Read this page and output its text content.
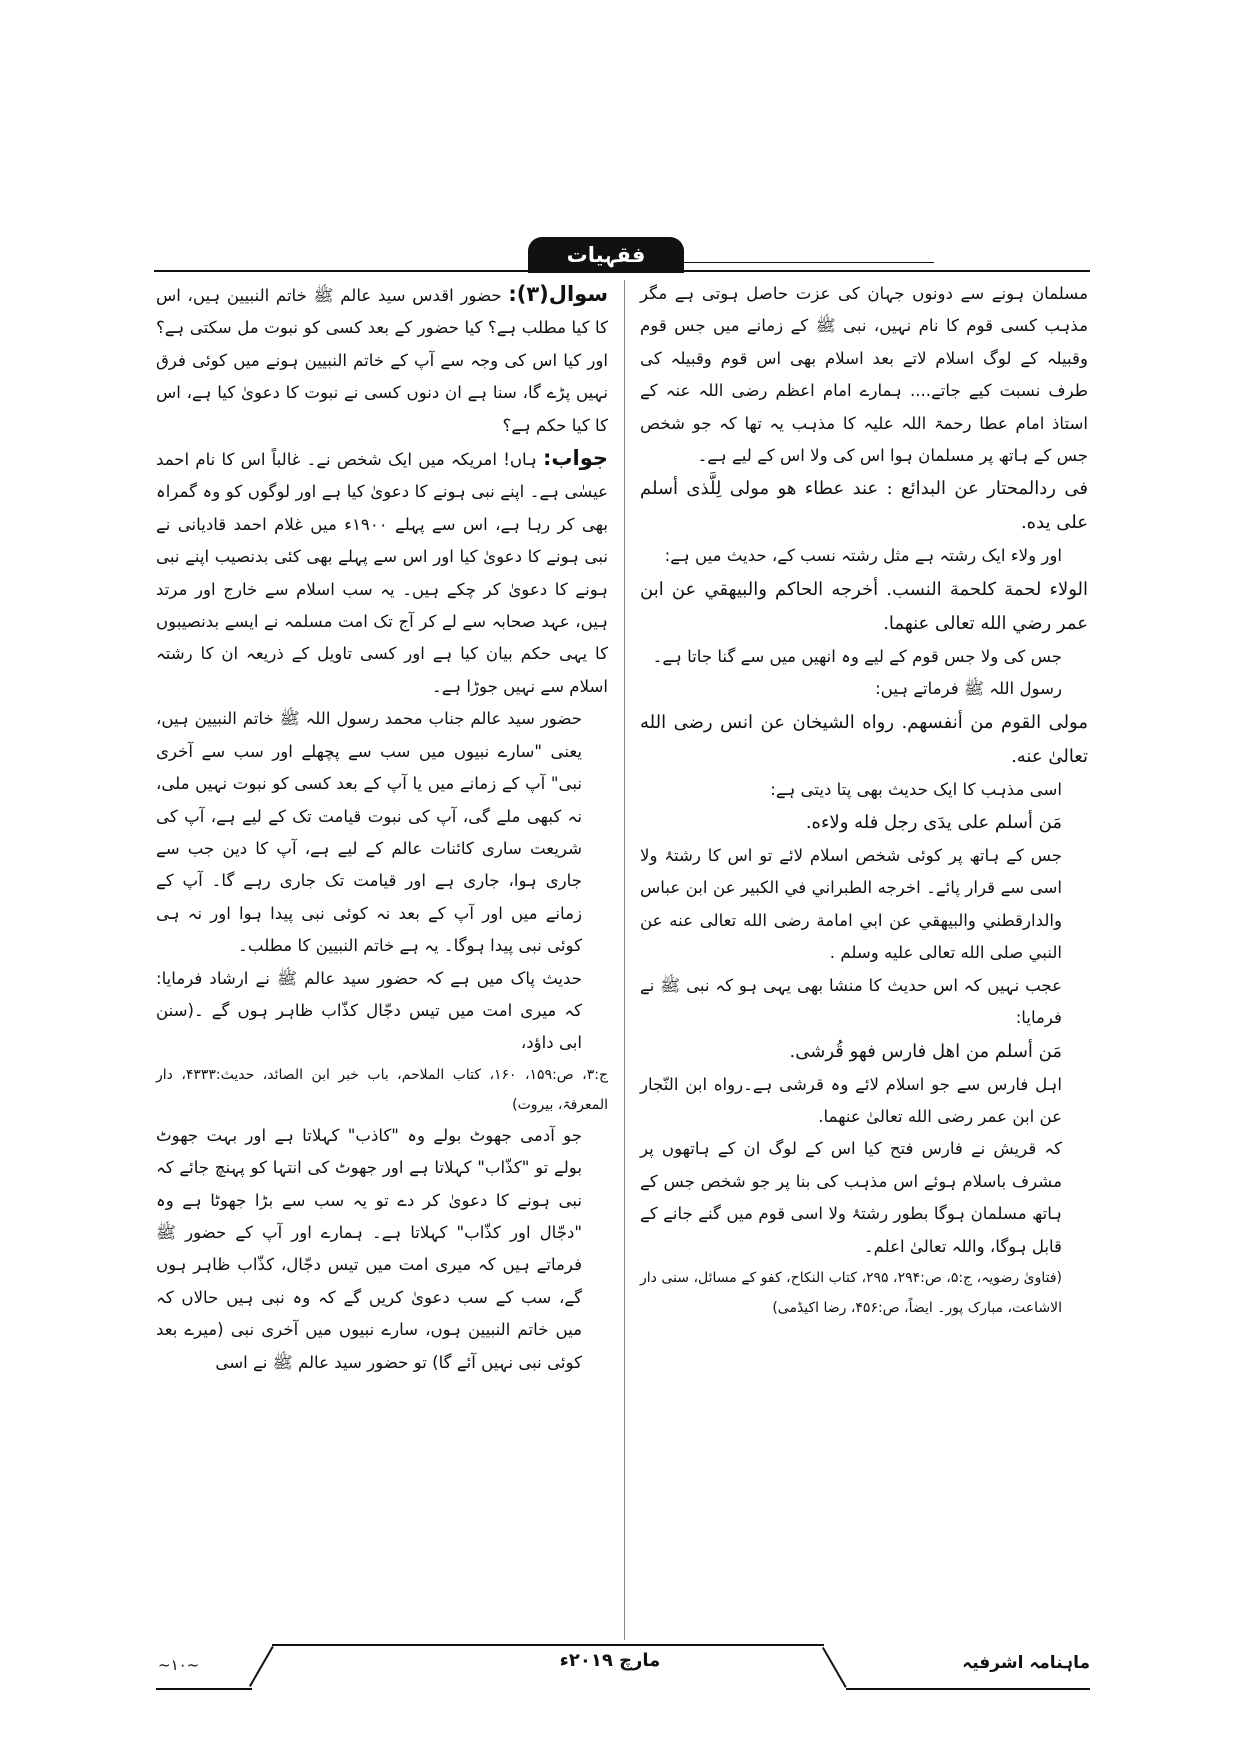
فقہیات

مسلمان ہونے سے دونوں جہان کی عزت حاصل ہوتی ہے مگر مذہب کسی قوم کا نام نہیں، نبی ﷺ کے زمانے میں جس قوم وقبیلہ کے لوگ اسلام لاتے بعد اسلام بھی اس قوم وقبیلہ کی طرف نسبت کیے جاتے.... ہمارے امام اعظم رضی اللہ عنہ کے استاذ امام عطا رحمۃ اللہ علیہ کا مذہب یہ تھا کہ جو شخص جس کے ہاتھ پر مسلمان ہوا اس کی ولا اس کے لیے ہے۔

فی ردالمحتار عن البدائع : عند عطاء هو مولى لِلَّذى أسلم على يده.

اور ولاء ایک رشتہ ہے مثل رشتہ نسب کے، حدیث میں ہے:

الولاء لحمة كلحمة النسب. أخرجه الحاكم والبيهقي عن ابن عمر رضي الله تعالى عنهما.

جس کی ولا جس قوم کے لیے وہ انھیں میں سے گنا جاتا ہے۔

رسول اللہ ﷺ فرماتے ہیں:

مولى القوم من أنفسهم. رواه الشيخان عن انس رضى الله تعالىٰ عنه.

اسی مذہب کا ایک حدیث بھی پتا دیتی ہے:

مَن أسلم على يدَى رجل فله ولاءه.

جس کے ہاتھ پر کوئی شخص اسلام لائے تو اس کا رشتۂ ولا اسی سے قرار پائے۔ اخرجه الطبراني في الكبير عن ابن عباس والدارقطني والبيهقي عن ابي امامة رضى الله تعالى عنه عن النبي صلى الله تعالى عليه وسلم .

عجب نہیں کہ اس حدیث کا منشا بھی یہی ہو کہ نبی ﷺ نے فرمایا:

مَن أسلم من اهل فارس فهو قُرشى.

اہل فارس سے جو اسلام لائے وہ قرشی ہے۔رواه ابن النّجار عن ابن عمر رضى الله تعالىٰ عنهما.

کہ قریش نے فارس فتح کیا اس کے لوگ ان کے ہاتھوں پر مشرف باسلام ہوئے اس مذہب کی بنا پر جو شخص جس کے ہاتھ مسلمان ہوگا بطور رشتۂ ولا اسی قوم میں گنے جانے کے قابل ہوگا، واللہ تعالیٰ اعلم۔

(فتاویٰ رضویہ، ج:۵، ص:۲۹۴، ۲۹۵، کتاب النکاح، کفو کے مسائل، سنی دار الاشاعت، مبارک پور۔ ایضاً، ص:۴۵۶، رضا اکیڈمی)

سوال(۳): حضور اقدس سید عالم ﷺ خاتم النبیین ہیں، اس کا کیا مطلب ہے؟ کیا حضور کے بعد کسی کو نبوت مل سکتی ہے؟ اور کیا اس کی وجہ سے آپ کے خاتم النبیین ہونے میں کوئی فرق نہیں پڑے گا، سنا ہے ان دنوں کسی نے نبوت کا دعویٰ کیا ہے، اس کا کیا حکم ہے؟

جواب: ہاں! امریکہ میں ایک شخص نے۔ غالباً اس کا نام احمد عیسٰی ہے۔ اپنے نبی ہونے کا دعویٰ کیا ہے اور لوگوں کو وہ گمراہ بھی کر رہا ہے، اس سے پہلے ۱۹۰۰ء میں غلام احمد قادیانی نے نبی ہونے کا دعویٰ کیا اور اس سے پہلے بھی کئی بدنصیب اپنے نبی ہونے کا دعویٰ کر چکے ہیں۔ یہ سب اسلام سے خارج اور مرتد ہیں، عہد صحابہ سے لے کر آج تک امت مسلمہ نے ایسے بدنصیبوں کا یہی حکم بیان کیا ہے اور کسی تاویل کے ذریعہ ان کا رشتہ اسلام سے نہیں جوڑا ہے۔

حضور سید عالم جناب محمد رسول اللہ ﷺ خاتم النبیین ہیں، یعنی "سارے نبیوں میں سب سے پچھلے اور سب سے آخری نبی" آپ کے زمانے میں یا آپ کے بعد کسی کو نبوت نہیں ملی، نہ کبھی ملے گی، آپ کی نبوت قیامت تک کے لیے ہے، آپ کی شریعت ساری کائنات عالم کے لیے ہے، آپ کا دین جب سے جاری ہوا، جاری ہے اور قیامت تک جاری رہے گا۔ آپ کے زمانے میں اور آپ کے بعد نہ کوئی نبی پیدا ہوا اور نہ ہی کوئی نبی پیدا ہوگا۔ یہ ہے خاتم النبیین کا مطلب۔

حدیث پاک میں ہے کہ حضور سید عالم ﷺ نے ارشاد فرمایا: کہ میری امت میں تیس دجّال کذّاب ظاہر ہوں گے ۔(سنن ابی داؤد،

ج:۳، ص:۱۵۹، ۱۶۰، کتاب الملاحم، باب خبر ابن الصائد، حدیث:۴۳۳۳، دار المعرفۃ، بیروت)

جو آدمی جھوٹ بولے وہ "کاذب" کہلاتا ہے اور بہت جھوٹ بولے تو "کذّاب" کہلاتا ہے اور جھوٹ کی انتہا کو پہنچ جائے کہ نبی ہونے کا دعویٰ کر دے تو یہ سب سے بڑا جھوٹا ہے وہ "دجّال اور کذّاب" کہلاتا ہے۔ ہمارے اور آپ کے حضور ﷺ فرماتے ہیں کہ میری امت میں تیس دجّال، کذّاب ظاہر ہوں گے، سب کے سب دعویٰ کریں گے کہ وہ نبی ہیں حالاں کہ میں خاتم النبیین ہوں، سارے نبیوں میں آخری نبی (میرے بعد کوئی نبی نہیں آئے گا) تو حضور سید عالم ﷺ نے اسی

ماہنامہ اشرفیہ
مارچ ۲۰۱۹ء
~۱۰~
